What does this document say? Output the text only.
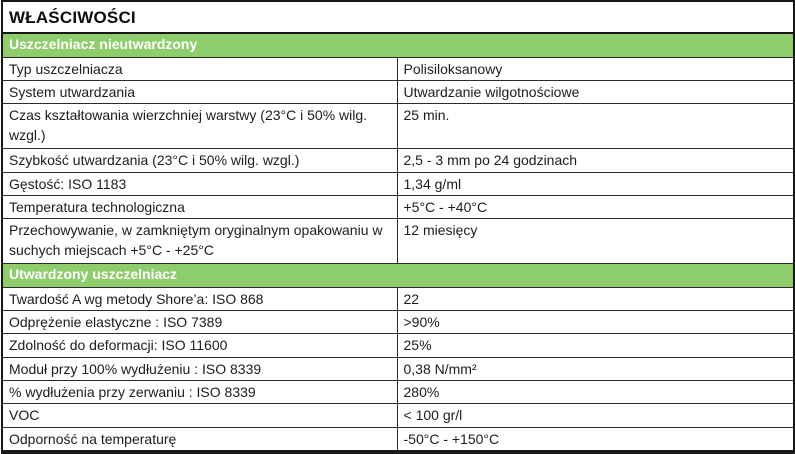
WŁAŚCIWOŚCI	
Uszczelniacz nieutwardzony	
Typ uszczelniacza	Polisiloksanowy
System utwardzania	Utwardzanie wilgotnościowe
Czas kształtowania wierzchniej warstwy (23°C i 50% wilg. wzgl.)	25 min.
Szybkość utwardzania (23°C i 50% wilg. wzgl.)	2,5 - 3 mm po 24 godzinach
Gęstość: ISO 1183	1,34 g/ml
Temperatura technologiczna	+5°C - +40°C
Przechowywanie, w zamkniętym oryginalnym opakowaniu w suchych miejscach +5°C - +25°C	12 miesięcy
Utwardzony uszczelniacz	
Twardość A wg metody Shore’a: ISO 868	22
Odprężenie elastyczne : ISO 7389	>90%
Zdolność do deformacji: ISO 11600	25%
Moduł przy 100% wydłużeniu : ISO 8339	0,38 N/mm²
% wydłużenia przy zerwaniu : ISO 8339	280%
VOC	< 100 gr/l
Odporność na temperaturę	-50°C - +150°C
